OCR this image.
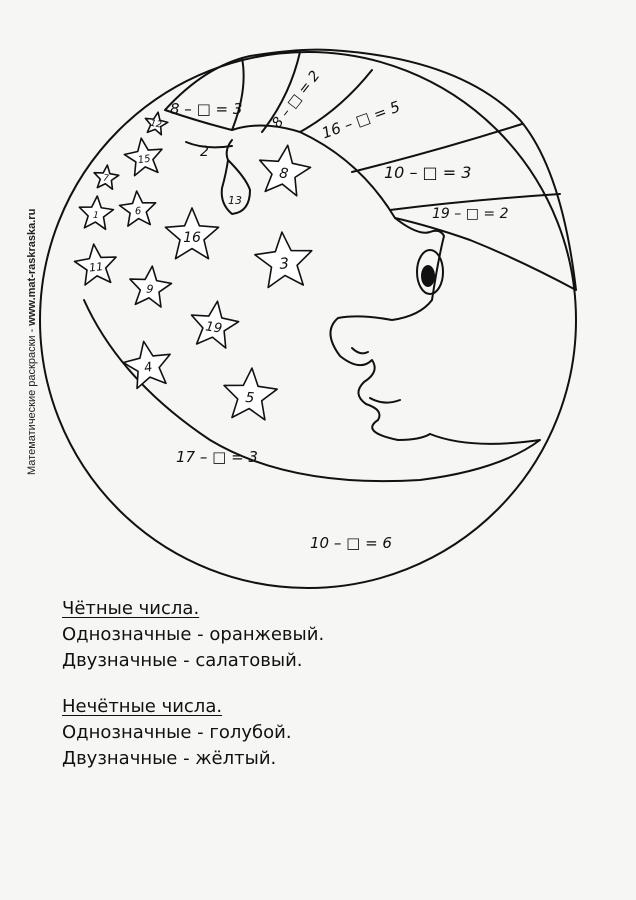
Математические раскраски - www.mat-raskraska.ru
8 – □ = 3 8 – □ = 2
16 – □ = 5
10 – □ = 3
19 – □ = 2
2
13
17 – □ = 3
10 – □ = 6
12
15
7
1	6
16
8
11
9
3
19
4
5
Чётные числа.
Однозначные - оранжевый.
Двузначные - салатовый.
Нечётные числа.
Однозначные - голубой.
Двузначные - жёлтый.
